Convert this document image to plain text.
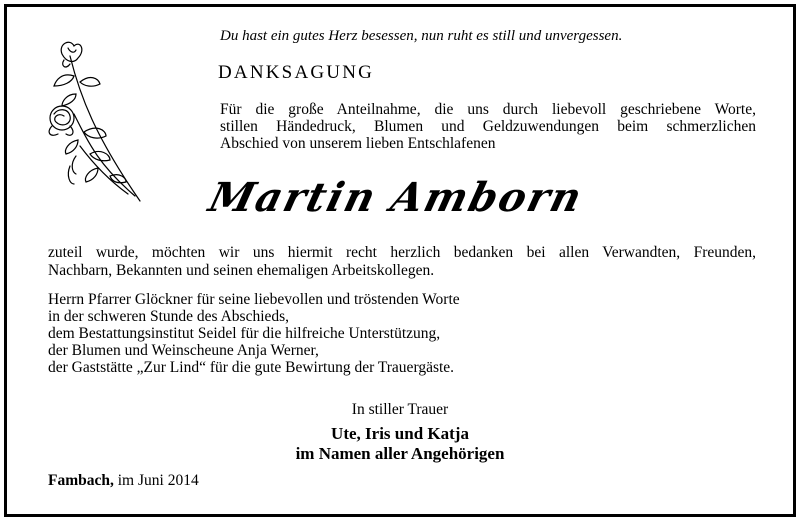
Du hast ein gutes Herz besessen, nun ruht es still und unvergessen.
DANKSAGUNG
Für die große Anteilnahme, die uns durch liebevoll geschriebene Worte,
stillen Händedruck, Blumen und Geldzuwendungen beim schmerzlichen
Abschied von unserem lieben Entschlafenen
Martin Amborn
zuteil wurde, möchten wir uns hiermit recht herzlich bedanken bei allen Verwandten, Freunden,
Nachbarn, Bekannten und seinen ehemaligen Arbeitskollegen.
Herrn Pfarrer Glöckner für seine liebevollen und tröstenden Worte
in der schweren Stunde des Abschieds,
dem Bestattungsinstitut Seidel für die hilfreiche Unterstützung,
der Blumen und Weinscheune Anja Werner,
der Gaststätte „Zur Lind“ für die gute Bewirtung der Trauergäste.
In stiller Trauer
Ute, Iris und Katja
im Namen aller Angehörigen
Fambach, im Juni 2014
